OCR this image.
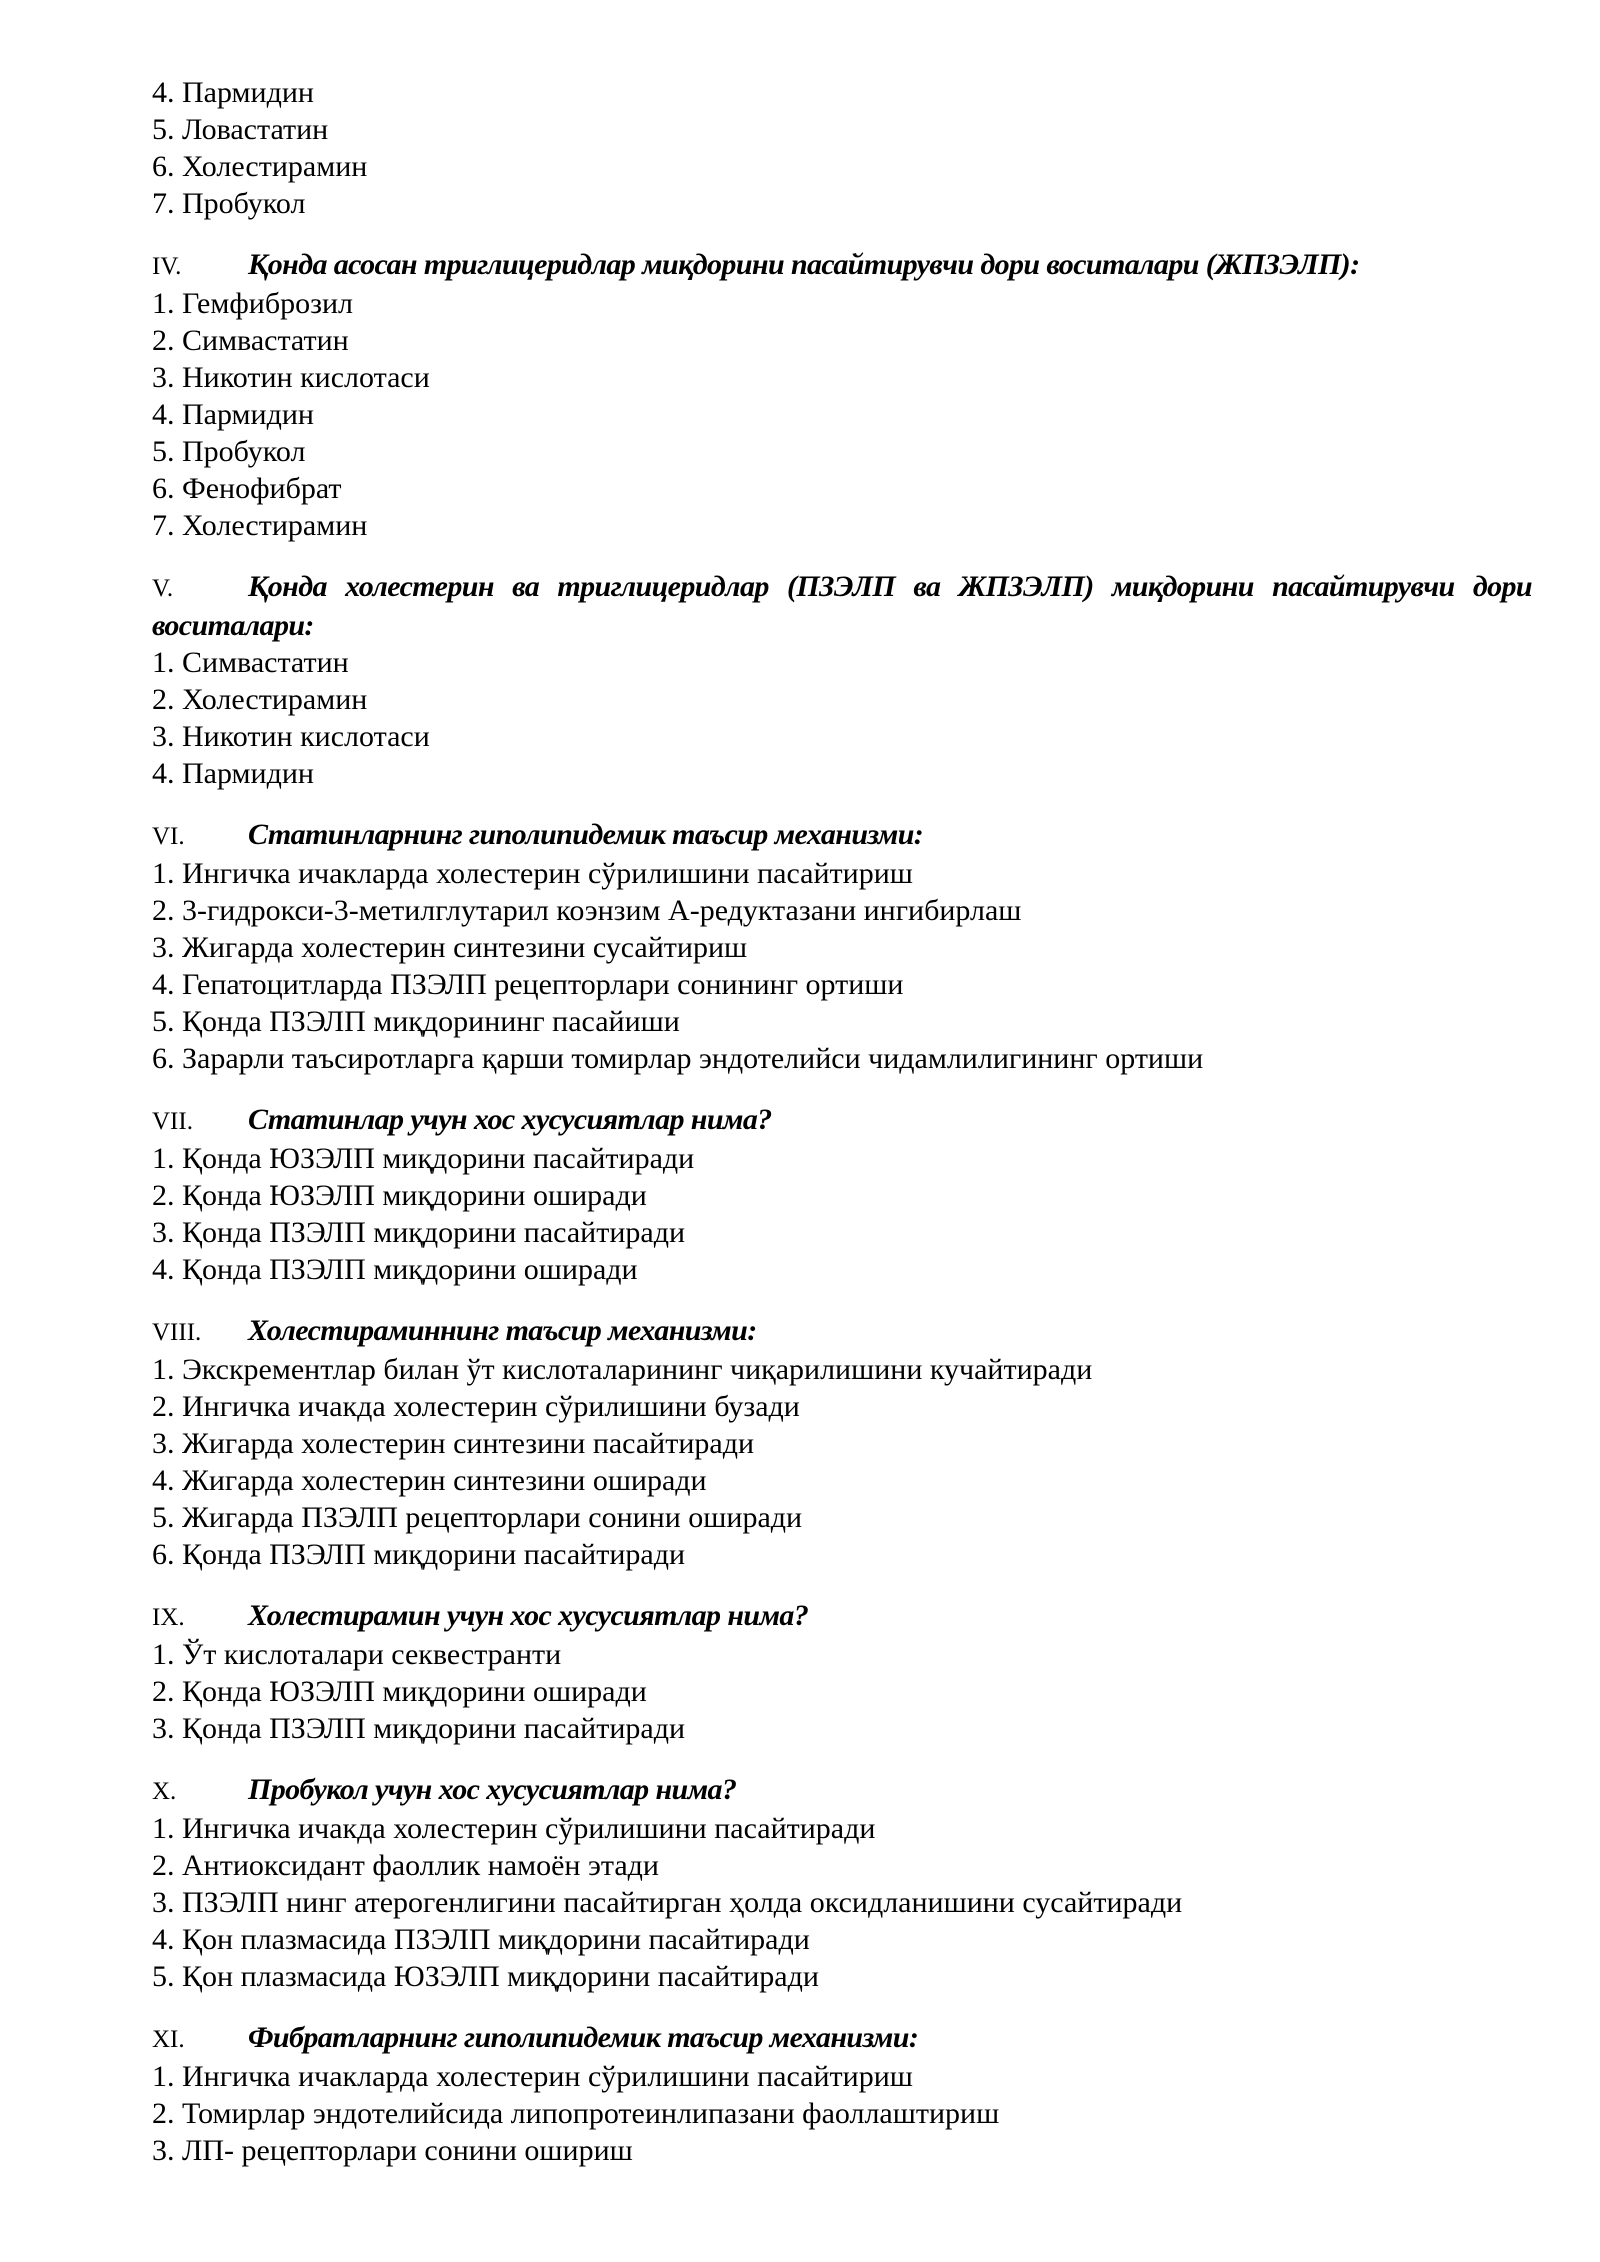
4. Пармидин
5. Ловастатин
6. Холестирамин
7. Пробукол
IV. Қонда асосан триглицеридлар миқдорини пасайтирувчи дори воситалари (ЖПЗЭЛП):
1. Гемфиброзил
2. Симвастатин
3. Никотин кислотаси
4. Пармидин
5. Пробукол
6. Фенофибрат
7. Холестирамин
V. Қонда холестерин ва триглицеридлар (ПЗЭЛП ва ЖПЗЭЛП) миқдорини пасайтирувчи дори воситалари:
1. Симвастатин
2. Холестирамин
3. Никотин кислотаси
4. Пармидин
VI. Статинларнинг гиполипидемик таъсир механизми:
1. Ингичка ичакларда холестерин сўрилишини пасайтириш
2. 3-гидрокси-3-метилглутарил коэнзим А-редуктазани ингибирлаш
3. Жигарда холестерин синтезини сусайтириш
4. Гепатоцитларда ПЗЭЛП рецепторлари сонининг ортиши
5. Қонда ПЗЭЛП миқдорининг пасайиши
6. Зарарли таъсиротларга қарши томирлар эндотелийси чидамлилигининг ортиши
VII. Статинлар учун хос хусусиятлар нима?
1. Қонда ЮЗЭЛП миқдорини пасайтиради
2. Қонда ЮЗЭЛП миқдорини оширади
3. Қонда ПЗЭЛП миқдорини пасайтиради
4. Қонда ПЗЭЛП миқдорини оширади
VIII. Холестираминнинг таъсир механизми:
1. Экскрементлар билан ўт кислоталарининг чиқарилишини кучайтиради
2. Ингичка ичакда холестерин сўрилишини бузади
3. Жигарда холестерин синтезини пасайтиради
4. Жигарда холестерин синтезини оширади
5. Жигарда ПЗЭЛП рецепторлари сонини оширади
6. Қонда ПЗЭЛП миқдорини пасайтиради
IX. Холестирамин учун хос хусусиятлар нима?
1. Ўт кислоталари секвестранти
2. Қонда ЮЗЭЛП миқдорини оширади
3. Қонда ПЗЭЛП миқдорини пасайтиради
X. Пробукол учун хос хусусиятлар нима?
1. Ингичка ичакда холестерин сўрилишини пасайтиради
2. Антиоксидант фаоллик намоён этади
3. ПЗЭЛП нинг атерогенлигини пасайтирган ҳолда оксидланишини сусайтиради
4. Қон плазмасида ПЗЭЛП миқдорини пасайтиради
5. Қон плазмасида ЮЗЭЛП миқдорини пасайтиради
XI. Фибратларнинг гиполипидемик таъсир механизми:
1. Ингичка ичакларда холестерин сўрилишини пасайтириш
2. Томирлар эндотелийсида липопротеинлипазани фаоллаштириш
3. ЛП- рецепторлари сонини ошириш
